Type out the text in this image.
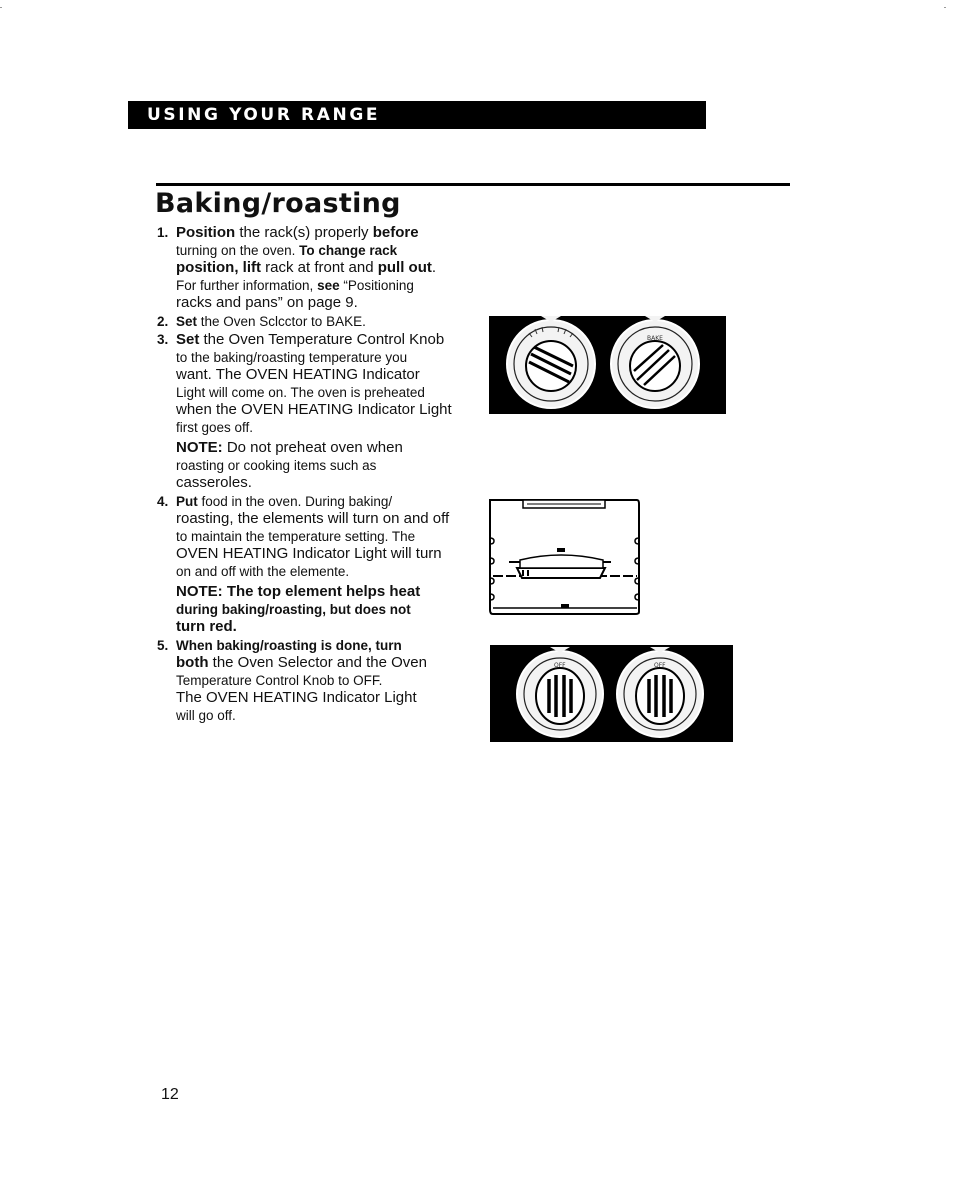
USING YOUR RANGE
Baking/roasting
1. Position the rack(s) properly before
turning on the oven. To change rack
position, lift rack at front and pull out.
For further information, see “Positioning
racks and pans” on page 9.
2. Set the Oven Sclcctor to BAKE.
3. Set the Oven Temperature Control Knob
to the baking/roasting temperature you
want. The OVEN HEATING Indicator
Light will come on. The oven is preheated
when the OVEN HEATING Indicator Light
first goes off.
NOTE: Do not preheat oven when
roasting or cooking items such as
casseroles.
4. Put food in the oven. During baking/
roasting, the elements will turn on and off
to maintain the temperature setting. The
OVEN HEATING Indicator Light will turn
on and off with the elemente.
NOTE: The top element helps heat
during baking/roasting, but does not
turn red.
5. When baking/roasting is done, turn
both the Oven Selector and the Oven
Temperature Control Knob to OFF.
The OVEN HEATING Indicator Light
will go off.
BAKE
OFF	OFF
12
